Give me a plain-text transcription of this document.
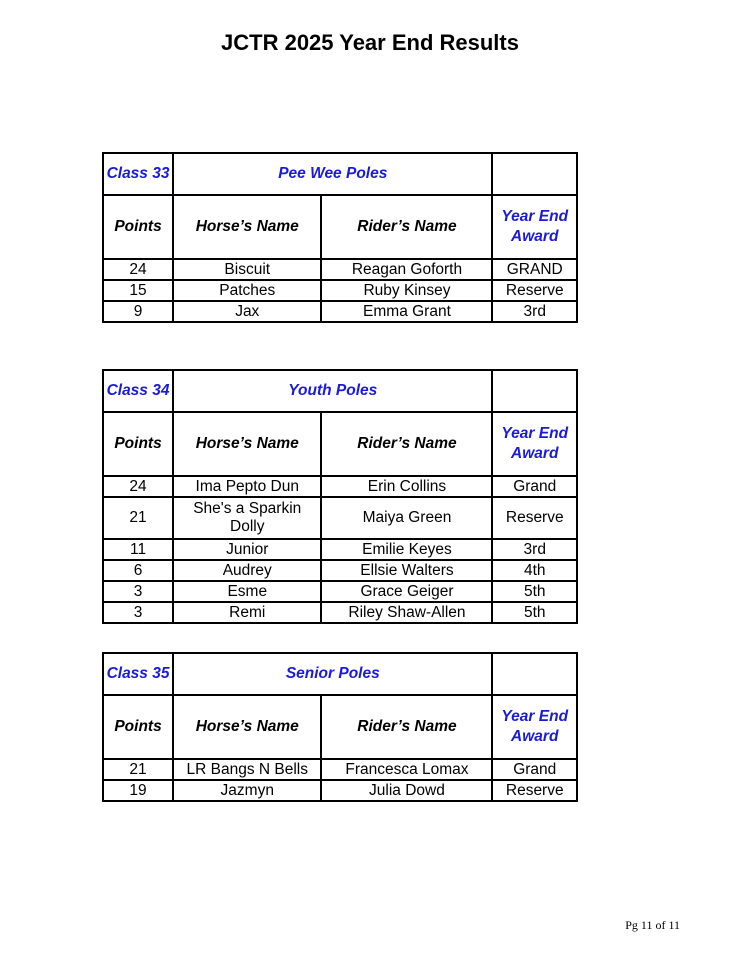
JCTR 2025 Year End Results
Class 33	Pee Wee Poles		
Points	Horse’s Name	Rider’s Name	Year End Award
24	Biscuit	Reagan Goforth	GRAND
15	Patches	Ruby Kinsey	Reserve
9	Jax	Emma Grant	3rd
Class 34	Youth Poles		
Points	Horse’s Name	Rider’s Name	Year End Award
24	Ima Pepto Dun	Erin Collins	Grand
21	She's a Sparkin Dolly	Maiya Green	Reserve
11	Junior	Emilie Keyes	3rd
6	Audrey	Ellsie Walters	4th
3	Esme	Grace Geiger	5th
3	Remi	Riley Shaw-Allen	5th
Class 35	Senior Poles		
Points	Horse’s Name	Rider’s Name	Year End Award
21	LR Bangs N Bells	Francesca Lomax	Grand
19	Jazmyn	Julia Dowd	Reserve
Pg 11 of 11
